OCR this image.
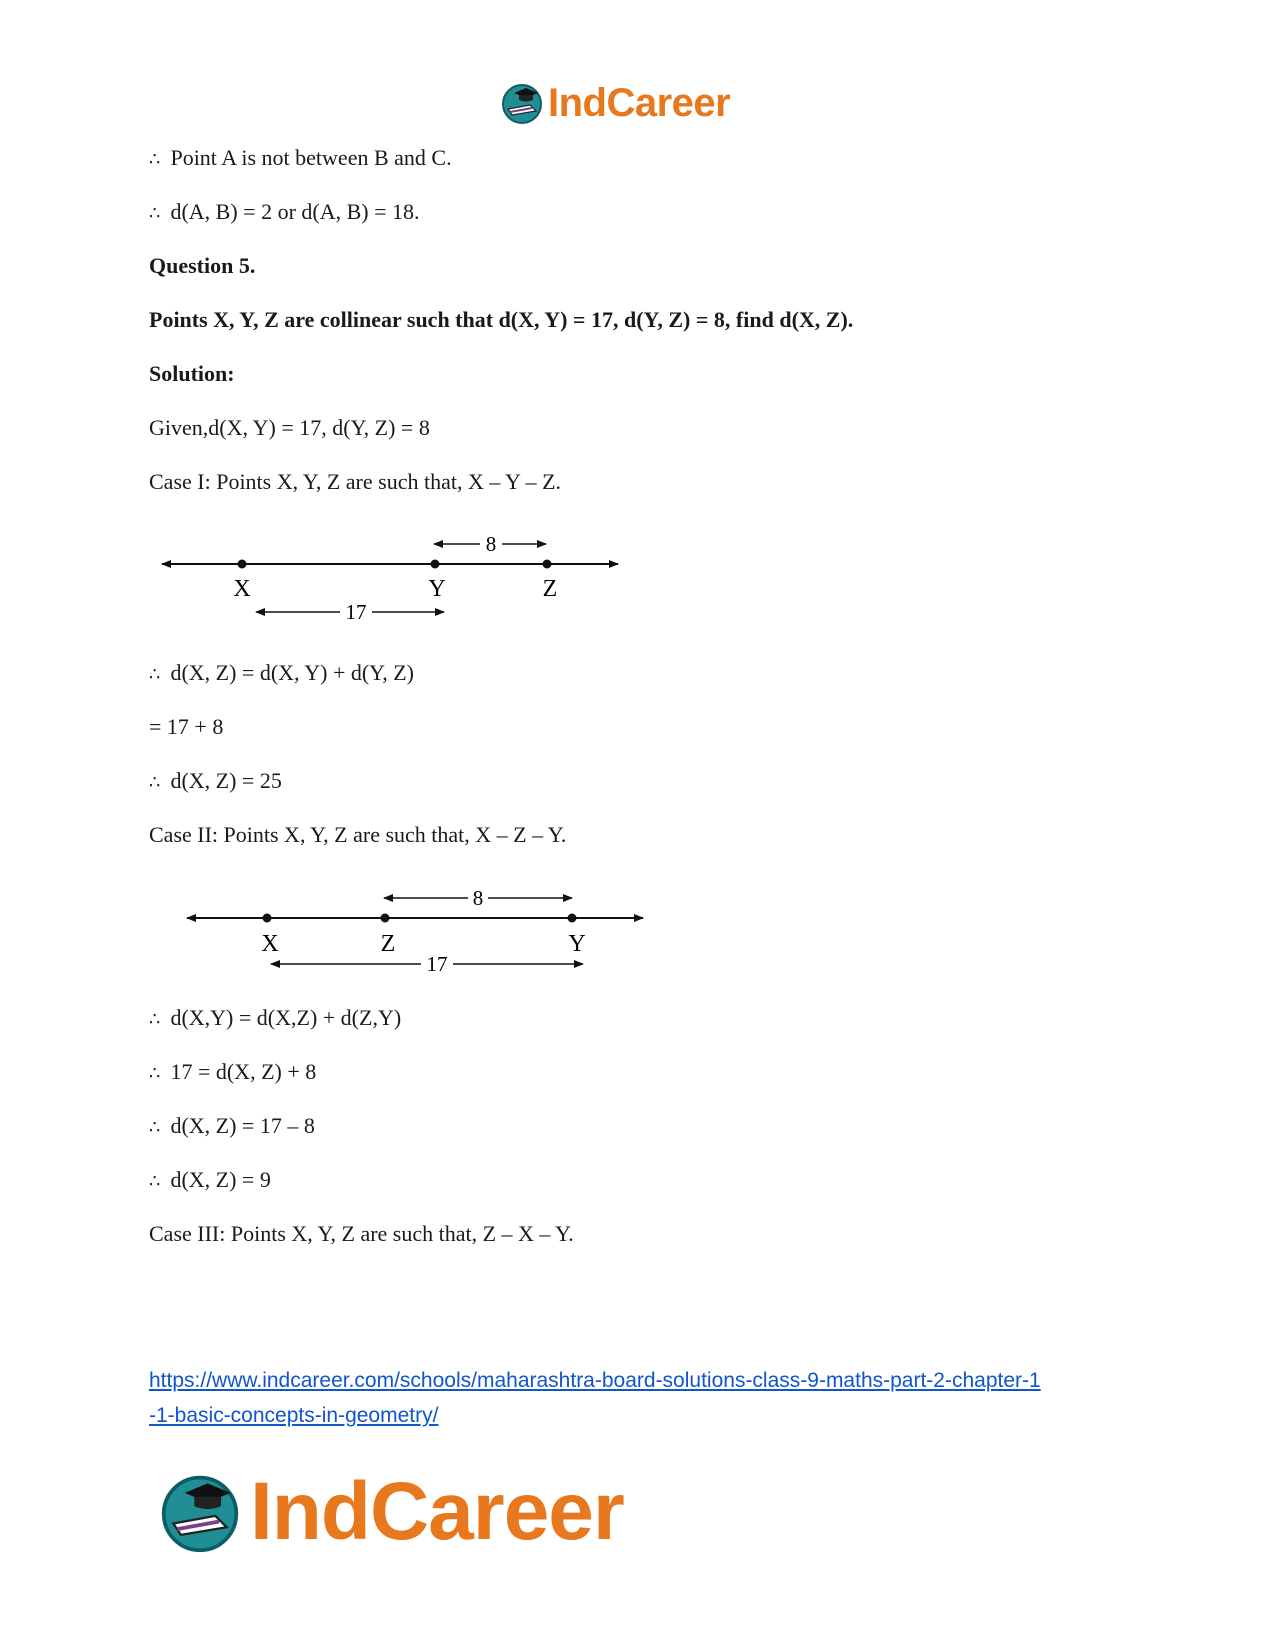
IndCareer
∴ Point A is not between B and C.
∴ d(A, B) = 2 or d(A, B) = 18.
Question 5.
Points X, Y, Z are collinear such that d(X, Y) = 17, d(Y, Z) = 8, find d(X, Z).
Solution:
Given,d(X, Y) = 17, d(Y, Z) = 8
Case I: Points X, Y, Z are such that, X – Y – Z.
X	Y	Z
8
17
∴ d(X, Z) = d(X, Y) + d(Y, Z)
= 17 + 8
∴ d(X, Z) = 25
Case II: Points X, Y, Z are such that, X – Z – Y.
X	Z	Y
8
17
∴ d(X,Y) = d(X,Z) + d(Z,Y)
∴ 17 = d(X, Z) + 8
∴ d(X, Z) = 17 – 8
∴ d(X, Z) = 9
Case III: Points X, Y, Z are such that, Z – X – Y.
https://www.indcareer.com/schools/maharashtra-board-solutions-class-9-maths-part-2-chapter-1
-1-basic-concepts-in-geometry/
IndCareer
